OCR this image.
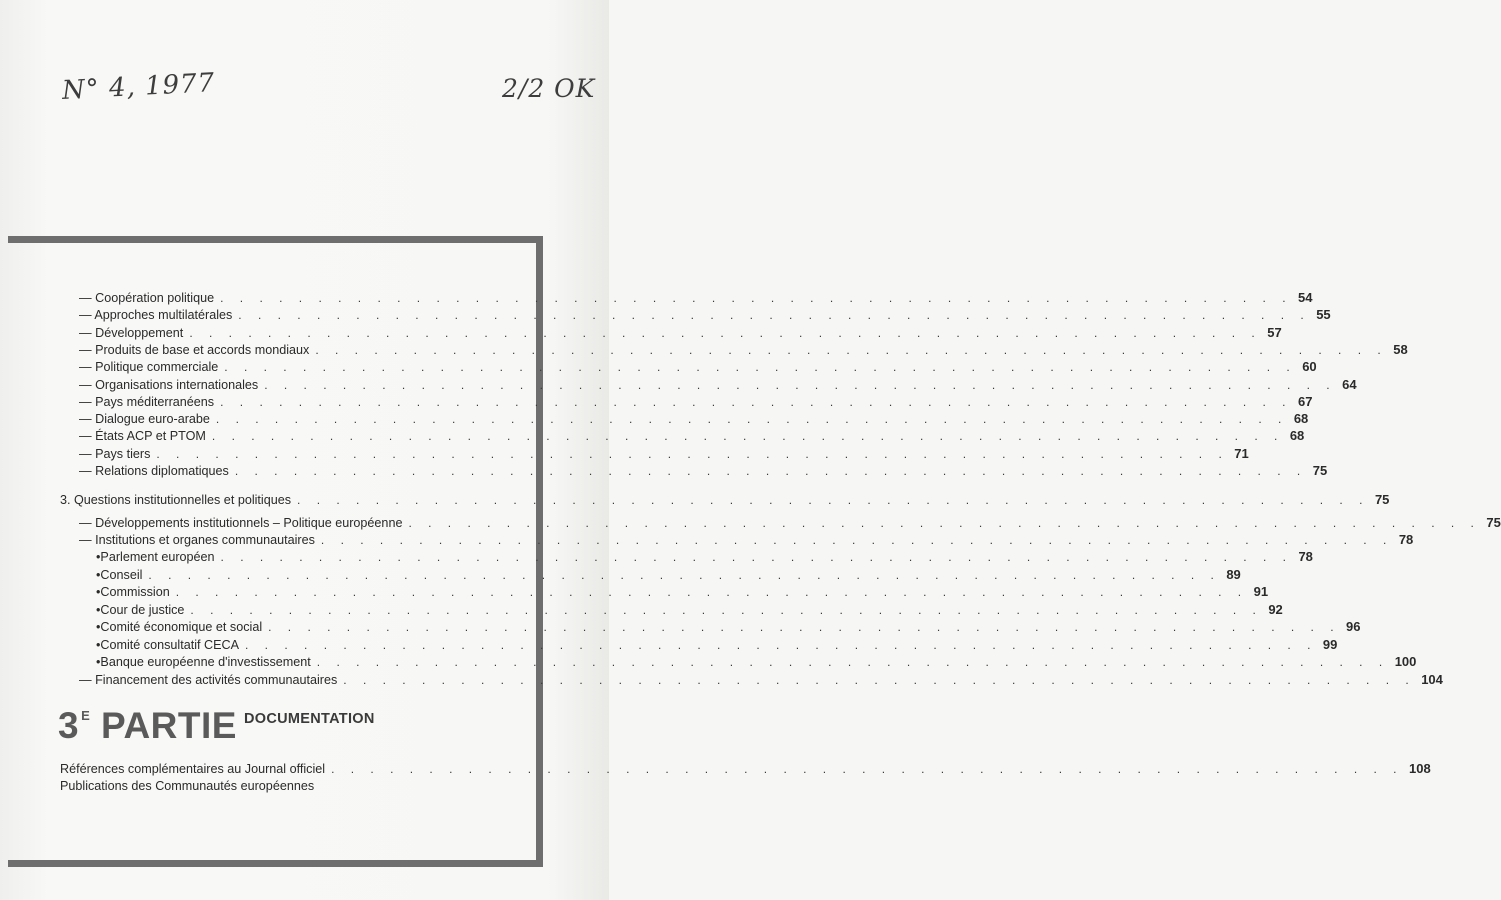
N° 4, 1977	2/2 OK
— Coopération politique . . . . . . . . . . . . . . . . . . . . . . . . . . . . . . . . . . . . . . . . . . . . . . . . . . . . . . . 54
— Approches multilatérales . . . . . . . . . . . . . . . . . . . . . . . . . . . . . . . . . . . . . . . . . . . . . . . . . . . . . . . 55
— Développement . . . . . . . . . . . . . . . . . . . . . . . . . . . . . . . . . . . . . . . . . . . . . . . . . . . . . . . 57
— Produits de base et accords mondiaux . . . . . . . . . . . . . . . . . . . . . . . . . . . . . . . . . . . . . . . . . . . . . . . . . . . . . . . 58
— Politique commerciale . . . . . . . . . . . . . . . . . . . . . . . . . . . . . . . . . . . . . . . . . . . . . . . . . . . . . . . 60
— Organisations internationales . . . . . . . . . . . . . . . . . . . . . . . . . . . . . . . . . . . . . . . . . . . . . . . . . . . . . . . 64
— Pays méditerranéens . . . . . . . . . . . . . . . . . . . . . . . . . . . . . . . . . . . . . . . . . . . . . . . . . . . . . . . 67
— Dialogue euro-arabe . . . . . . . . . . . . . . . . . . . . . . . . . . . . . . . . . . . . . . . . . . . . . . . . . . . . . . . 68
— États ACP et PTOM . . . . . . . . . . . . . . . . . . . . . . . . . . . . . . . . . . . . . . . . . . . . . . . . . . . . . . . 68
— Pays tiers . . . . . . . . . . . . . . . . . . . . . . . . . . . . . . . . . . . . . . . . . . . . . . . . . . . . . . . 71
— Relations diplomatiques . . . . . . . . . . . . . . . . . . . . . . . . . . . . . . . . . . . . . . . . . . . . . . . . . . . . . . . 75
3. Questions institutionnelles et politiques . . . . . . . . . . . . . . . . . . . . . . . . . . . . . . . . . . . . . . . . . . . . . . . . . . . . . . . 75
— Développements institutionnels – Politique européenne . . . . . . . . . . . . . . . . . . . . . . . . . . . . . . . . . . . . . . . . . . . . . . . . . . . . . . . 75
— Institutions et organes communautaires . . . . . . . . . . . . . . . . . . . . . . . . . . . . . . . . . . . . . . . . . . . . . . . . . . . . . . . 78
• Parlement européen . . . . . . . . . . . . . . . . . . . . . . . . . . . . . . . . . . . . . . . . . . . . . . . . . . . . . . . 78
• Conseil . . . . . . . . . . . . . . . . . . . . . . . . . . . . . . . . . . . . . . . . . . . . . . . . . . . . . . . 89
• Commission . . . . . . . . . . . . . . . . . . . . . . . . . . . . . . . . . . . . . . . . . . . . . . . . . . . . . . . 91
• Cour de justice . . . . . . . . . . . . . . . . . . . . . . . . . . . . . . . . . . . . . . . . . . . . . . . . . . . . . . . 92
• Comité économique et social . . . . . . . . . . . . . . . . . . . . . . . . . . . . . . . . . . . . . . . . . . . . . . . . . . . . . . . 96
• Comité consultatif CECA . . . . . . . . . . . . . . . . . . . . . . . . . . . . . . . . . . . . . . . . . . . . . . . . . . . . . . . 99
• Banque européenne d'investissement . . . . . . . . . . . . . . . . . . . . . . . . . . . . . . . . . . . . . . . . . . . . . . . . . . . . . . . 100
— Financement des activités communautaires . . . . . . . . . . . . . . . . . . . . . . . . . . . . . . . . . . . . . . . . . . . . . . . . . . . . . . . 104
3 $^E$ PARTIE DOCUMENTATION
Références complémentaires au Journal officiel . . . . . . . . . . . . . . . . . . . . . . . . . . . . . . . . . . . . . . . . . . . . . . . . . . . . . . . 108
Publications des Communautés européennes
